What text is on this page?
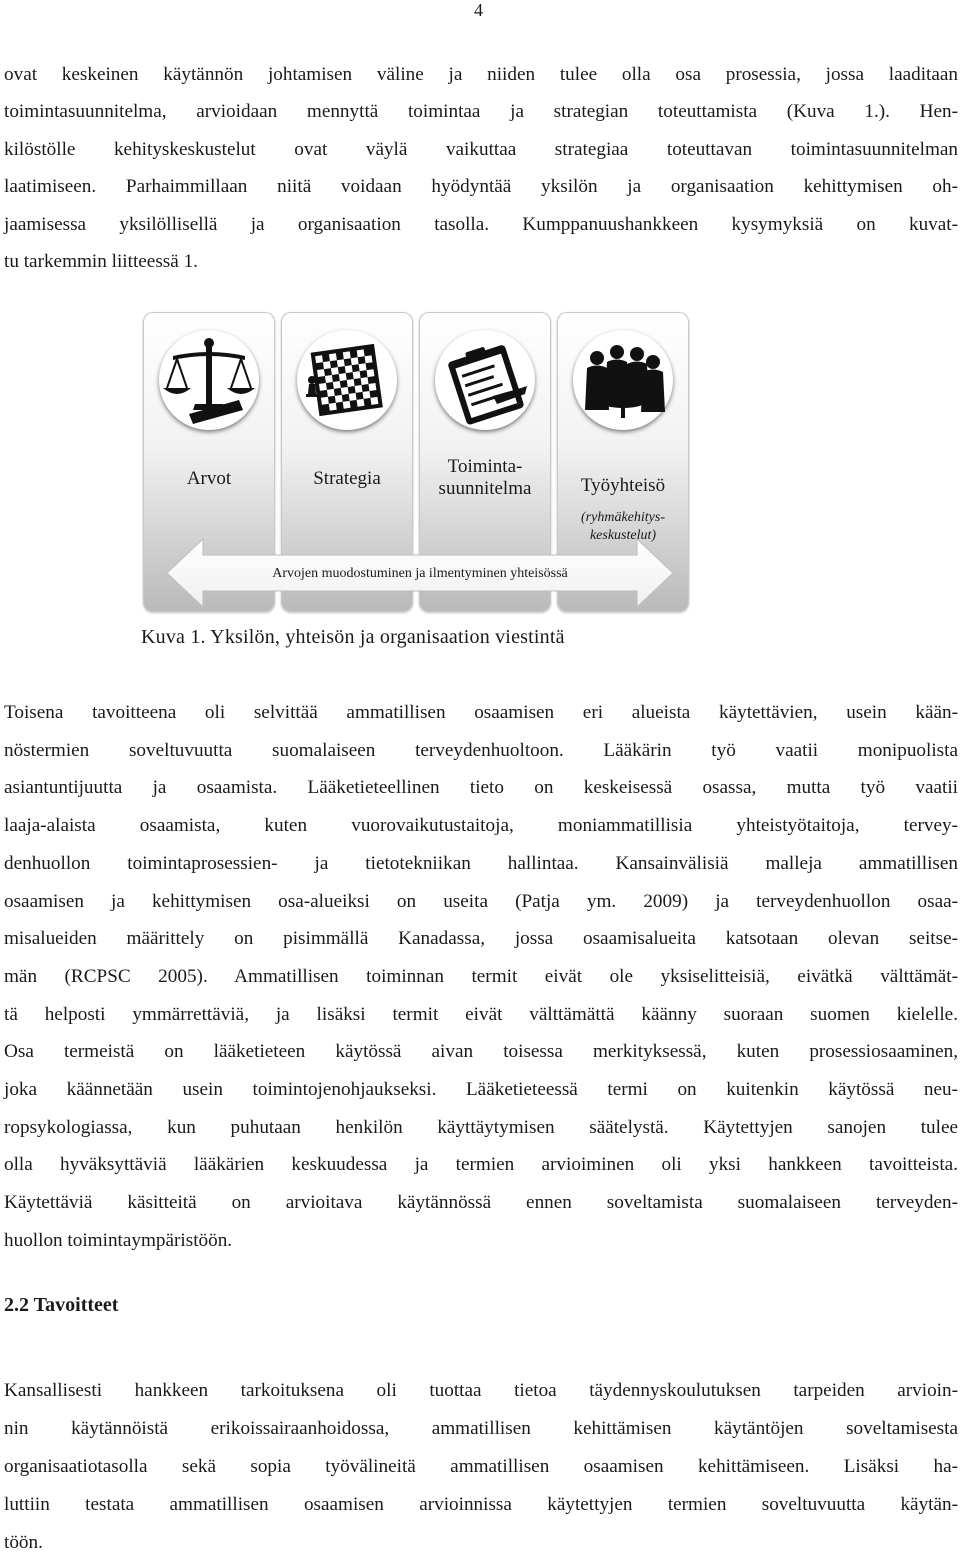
4

ovat keskeinen käytännön johtamisen väline ja niiden tulee olla osa prosessia, jossa laaditaan
toimintasuunnitelma, arvioidaan mennyttä toimintaa ja strategian toteuttamista (Kuva 1.). Hen-
kilöstölle kehityskeskustelut ovat väylä vaikuttaa strategiaa toteuttavan toimintasuunnitelman
laatimiseen. Parhaimmillaan niitä voidaan hyödyntää yksilön ja organisaation kehittymisen oh-
jaamisessa yksilöllisellä ja organisaation tasolla. Kumppanuushankkeen kysymyksiä on kuvat-
tu tarkemmin liitteessä 1.

Arvot	Strategia
Toiminta-
suunnitelma	Työyhteisö
(ryhmäkehitys-
keskustelut)
Arvojen muodostuminen ja ilmentyminen yhteisössä

Kuva 1. Yksilön, yhteisön ja organisaation viestintä

Toisena tavoitteena oli selvittää ammatillisen osaamisen eri alueista käytettävien, usein kään-
nöstermien soveltuvuutta suomalaiseen terveydenhuoltoon. Lääkärin työ vaatii monipuolista
asiantuntijuutta ja osaamista. Lääketieteellinen tieto on keskeisessä osassa, mutta työ vaatii
laaja-alaista osaamista, kuten vuorovaikutustaitoja, moniammatillisia yhteistyötaitoja, tervey-
denhuollon toimintaprosessien- ja tietotekniikan hallintaa. Kansainvälisiä malleja ammatillisen
osaamisen ja kehittymisen osa-alueiksi on useita (Patja ym. 2009) ja terveydenhuollon osaa-
misalueiden määrittely on pisimmällä Kanadassa, jossa osaamisalueita katsotaan olevan seitse-
män (RCPSC 2005). Ammatillisen toiminnan termit eivät ole yksiselitteisiä, eivätkä välttämät-
tä helposti ymmärrettäviä, ja lisäksi termit eivät välttämättä käänny suoraan suomen kielelle.
Osa termeistä on lääketieteen käytössä aivan toisessa merkityksessä, kuten prosessiosaaminen,
joka käännetään usein toimintojenohjaukseksi. Lääketieteessä termi on kuitenkin käytössä neu-
ropsykologiassa, kun puhutaan henkilön käyttäytymisen säätelystä. Käytettyjen sanojen tulee
olla hyväksyttäviä lääkärien keskuudessa ja termien arvioiminen oli yksi hankkeen tavoitteista.
Käytettäviä käsitteitä on arvioitava käytännössä ennen soveltamista suomalaiseen terveyden-
huollon toimintaympäristöön.

2.2 Tavoitteet

Kansallisesti hankkeen tarkoituksena oli tuottaa tietoa täydennyskoulutuksen tarpeiden arvioin-
nin käytännöistä erikoissairaanhoidossa, ammatillisen kehittämisen käytäntöjen soveltamisesta
organisaatiotasolla sekä sopia työvälineitä ammatillisen osaamisen kehittämiseen. Lisäksi ha-
luttiin testata ammatillisen osaamisen arvioinnissa käytettyjen termien soveltuvuutta käytän-
töön.
